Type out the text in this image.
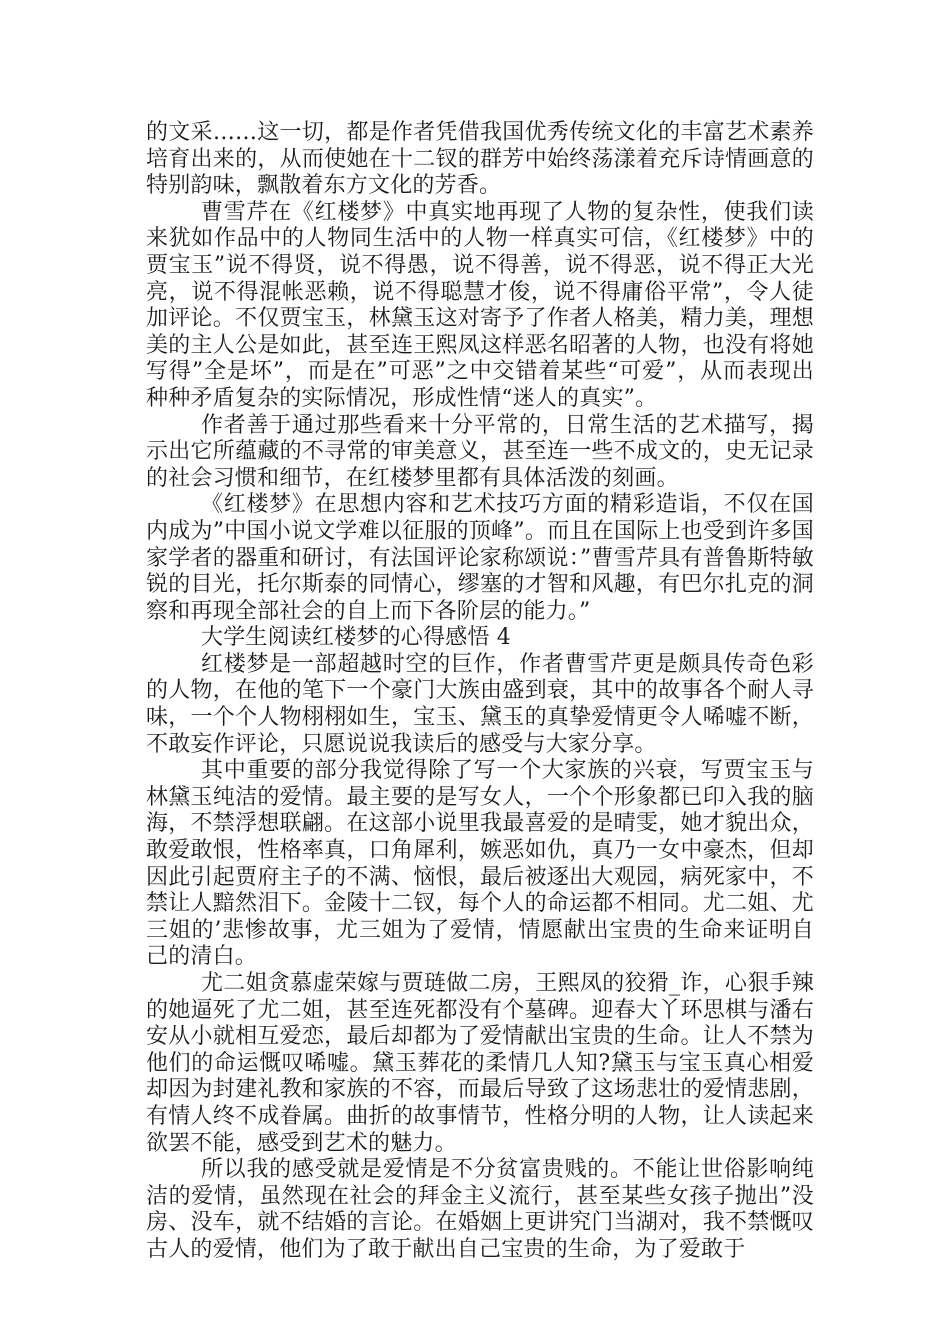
的文采……这一切，都是作者凭借我国优秀传统文化的丰富艺术素养培育出来的，从而使她在十二钗的群芳中始终荡漾着充斥诗情画意的特别韵味，飘散着东方文化的芳香。

曹雪芹在《红楼梦》中真实地再现了人物的复杂性，使我们读来犹如作品中的人物同生活中的人物一样真实可信，《红楼梦》中的贾宝玉”说不得贤，说不得愚，说不得善，说不得恶，说不得正大光亮，说不得混帐恶赖，说不得聪慧才俊，说不得庸俗平常”，令人徒加评论。不仅贾宝玉，林黛玉这对寄予了作者人格美，精力美，理想美的主人公是如此，甚至连王熙凤这样恶名昭著的人物，也没有将她写得”全是坏”，而是在”可恶”之中交错着某些“可爱”，从而表现出种种矛盾复杂的实际情况，形成性情“迷人的真实”。

作者善于通过那些看来十分平常的，日常生活的艺术描写，揭示出它所蕴藏的不寻常的审美意义，甚至连一些不成文的，史无记录的社会习惯和细节，在红楼梦里都有具体活泼的刻画。

《红楼梦》在思想内容和艺术技巧方面的精彩造诣，不仅在国内成为”中国小说文学难以征服的顶峰”。而且在国际上也受到许多国家学者的器重和研讨，有法国评论家称颂说：”曹雪芹具有普鲁斯特敏锐的目光，托尔斯泰的同情心，缪塞的才智和风趣，有巴尔扎克的洞察和再现全部社会的自上而下各阶层的能力。”

大学生阅读红楼梦的心得感悟 4

红楼梦是一部超越时空的巨作，作者曹雪芹更是颇具传奇色彩的人物，在他的笔下一个豪门大族由盛到衰，其中的故事各个耐人寻味，一个个人物栩栩如生，宝玉、黛玉的真挚爱情更令人唏嘘不断，不敢妄作评论，只愿说说我读后的感受与大家分享。

其中重要的部分我觉得除了写一个大家族的兴衰，写贾宝玉与林黛玉纯洁的爱情。最主要的是写女人，一个个形象都已印入我的脑海，不禁浮想联翩。在这部小说里我最喜爱的是晴雯，她才貌出众，敢爱敢恨，性格率真，口角犀利，嫉恶如仇，真乃一女中豪杰，但却因此引起贾府主子的不满、恼恨，最后被逐出大观园，病死家中，不禁让人黯然泪下。金陵十二钗，每个人的命运都不相同。尤二姐、尤三姐的’悲惨故事，尤三姐为了爱情，情愿献出宝贵的生命来证明自己的清白。

尤二姐贪慕虚荣嫁与贾琏做二房，王熙凤的狡猾_诈，心狠手辣的她逼死了尤二姐，甚至连死都没有个墓碑。迎春大丫环思棋与潘右安从小就相互爱恋，最后却都为了爱情献出宝贵的生命。让人不禁为他们的命运慨叹唏嘘。黛玉葬花的柔情几人知?黛玉与宝玉真心相爱却因为封建礼教和家族的不容，而最后导致了这场悲壮的爱情悲剧，有情人终不成眷属。曲折的故事情节，性格分明的人物，让人读起来欲罢不能，感受到艺术的魅力。

所以我的感受就是爱情是不分贫富贵贱的。不能让世俗影响纯洁的爱情，虽然现在社会的拜金主义流行，甚至某些女孩子抛出”没房、没车，就不结婚的言论。在婚姻上更讲究门当湖对，我不禁慨叹古人的爱情，他们为了敢于献出自己宝贵的生命，为了爱敢于
